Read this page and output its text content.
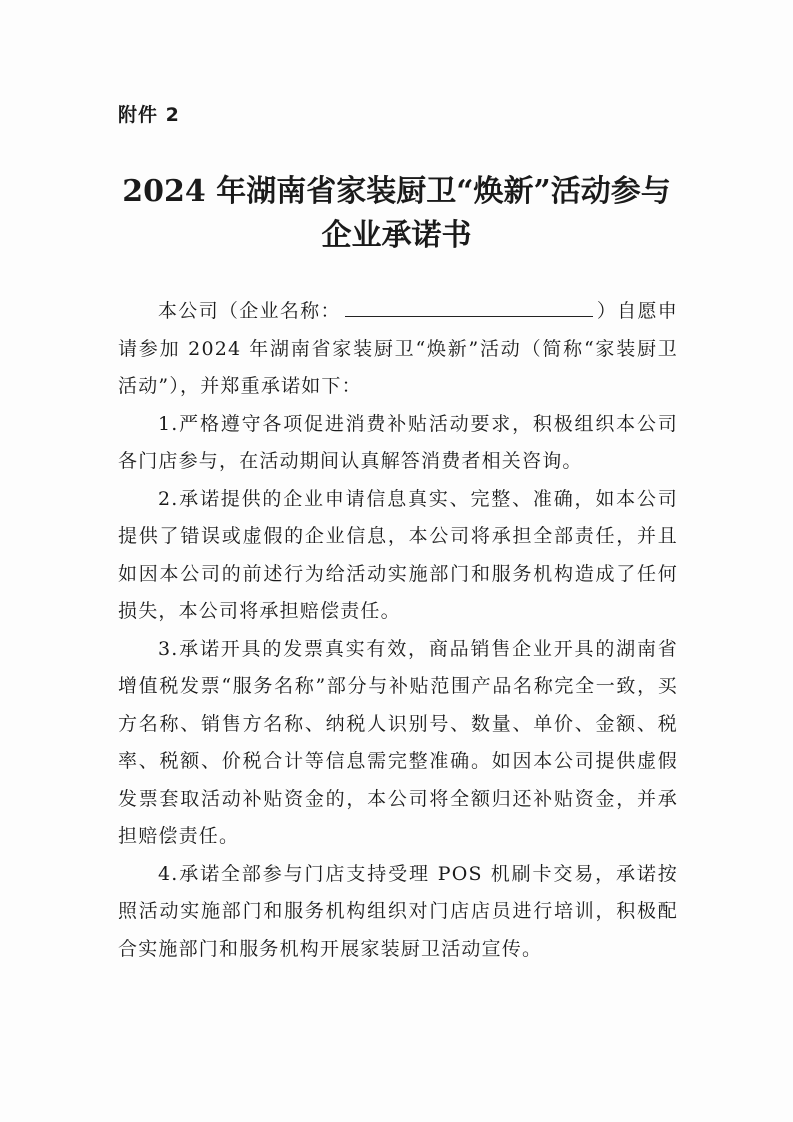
附件 2
2024 年湖南省家装厨卫“焕新”活动参与
企业承诺书

本公司（企业名称：	）自愿申请参加 2024 年湖南省家装厨卫“焕新”活动（简称“家装厨卫活动”），并郑重承诺如下：

1.严格遵守各项促进消费补贴活动要求，积极组织本公司各门店参与，在活动期间认真解答消费者相关咨询。

2.承诺提供的企业申请信息真实、完整、准确，如本公司提供了错误或虚假的企业信息，本公司将承担全部责任，并且如因本公司的前述行为给活动实施部门和服务机构造成了任何损失，本公司将承担赔偿责任。

3.承诺开具的发票真实有效，商品销售企业开具的湖南省增值税发票“服务名称”部分与补贴范围产品名称完全一致，买方名称、销售方名称、纳税人识别号、数量、单价、金额、税率、税额、价税合计等信息需完整准确。如因本公司提供虚假发票套取活动补贴资金的，本公司将全额归还补贴资金，并承担赔偿责任。

4.承诺全部参与门店支持受理 POS 机刷卡交易，承诺按照活动实施部门和服务机构组织对门店店员进行培训，积极配合实施部门和服务机构开展家装厨卫活动宣传。
